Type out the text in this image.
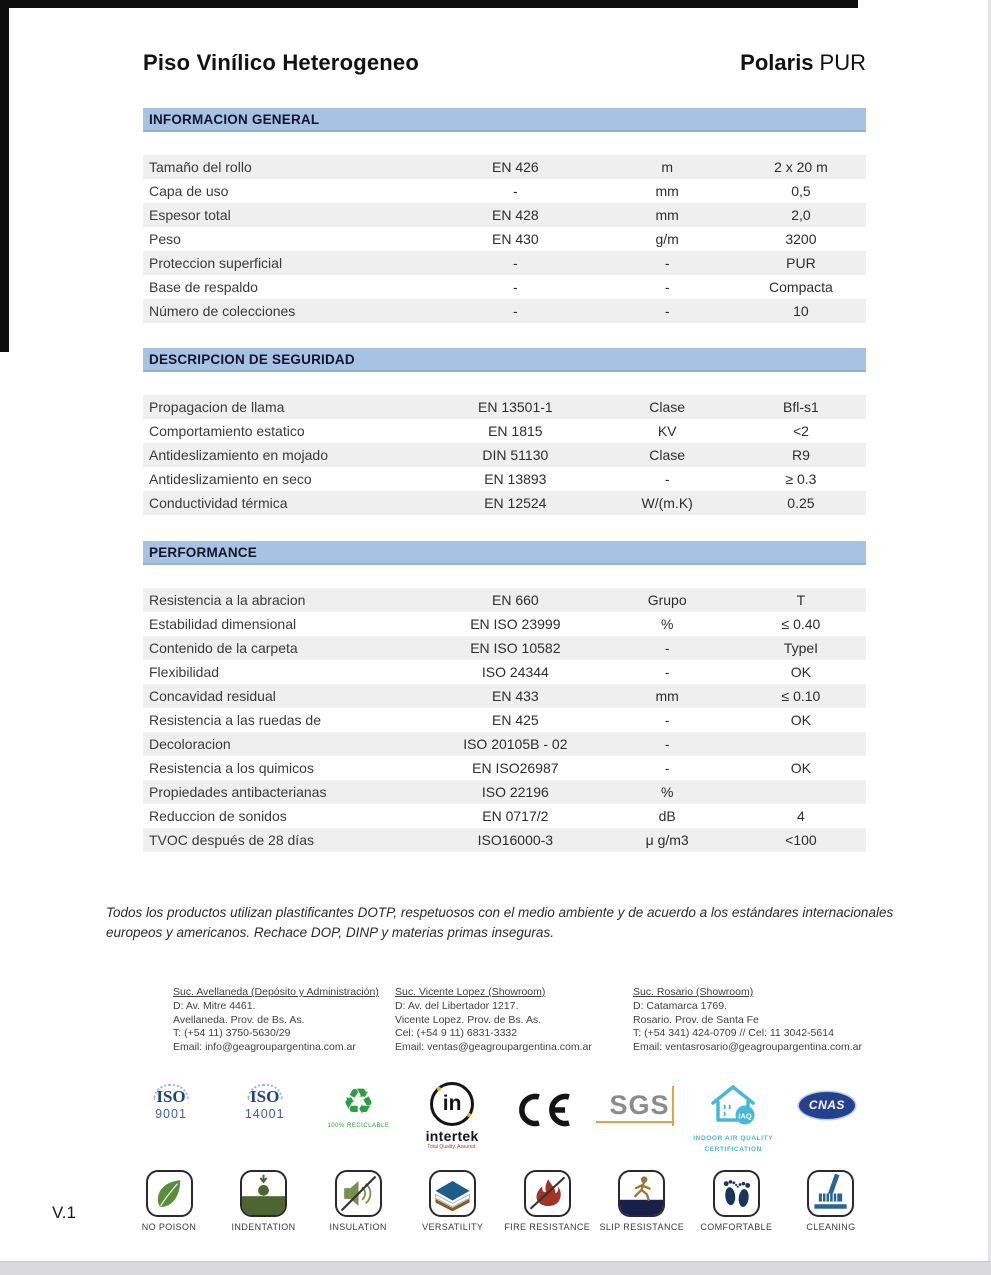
Piso Vinílico Heterogeneo	Polaris PUR
INFORMACION GENERAL
Tamaño del rollo	EN 426	m	2 x 20 m
Capa de uso	-	mm	0,5
Espesor total	EN 428	mm	2,0
Peso	EN 430	g/m	3200
Proteccion superficial	-	-	PUR
Base de respaldo	-	-	Compacta
Número de colecciones	-	-	10
DESCRIPCION DE SEGURIDAD
Propagacion de llama	EN 13501-1	Clase	Bfl-s1
Comportamiento estatico	EN 1815	KV	<2
Antideslizamiento en mojado	DIN 51130	Clase	R9
Antideslizamiento en seco	EN 13893	-	≥ 0.3
Conductividad térmica	EN 12524	W/(m.K)	0.25
PERFORMANCE
Resistencia a la abracion	EN 660	Grupo	T
Estabilidad dimensional	EN ISO 23999	%	≤ 0.40
Contenido de la carpeta	EN ISO 10582	-	TypeI
Flexibilidad	ISO 24344	-	OK
Concavidad residual	EN 433	mm	≤ 0.10
Resistencia a las ruedas de	EN 425	-	OK
Decoloracion	ISO 20105B - 02	-	
Resistencia a los quimicos	EN ISO26987	-	OK
Propiedades antibacterianas	ISO 22196	%	
Reduccion de sonidos	EN 0717/2	dB	4
TVOC después de 28 días	ISO16000-3	μ g/m3	<100
Todos los productos utilizan plastificantes DOTP, respetuosos con el medio ambiente y de acuerdo a los estándares internacionales europeos y americanos. Rechace DOP, DINP y materias primas inseguras.
Suc. Avellaneda (Depósito y Administración)
D: Av. Mitre 4461.
Avellaneda. Prov. de Bs. As.
T: (+54 11) 3750-5630/29
Email: info@geagroupargentina.com.ar
Suc. Vicente Lopez (Showroom)
D: Av. del Libertador 1217.
Vicente Lopez. Prov. de Bs. As.
Cel: (+54 9 11) 6831-3332
Email: ventas@geagroupargentina.com.ar
Suc. Rosario (Showroom)
D: Catamarca 1769.
Rosario. Prov. de Santa Fe
T: (+54 341) 424-0709 // Cel: 11 3042-5614
Email: ventasrosario@geagroupargentina.com.ar
ISO
9001
ISO
14001	♻
100% RECICLABLE
in
intertek
Total Quality. Assured.
SGS	IAQ
INDOOR AIR QUALITY
CERTIFICATION
CNAS
NO POISON	INDENTATION	INSULATION	VERSATILITY	FIRE RESISTANCE SLIP RESISTANCE	COMFORTABLE	CLEANING
V.1
